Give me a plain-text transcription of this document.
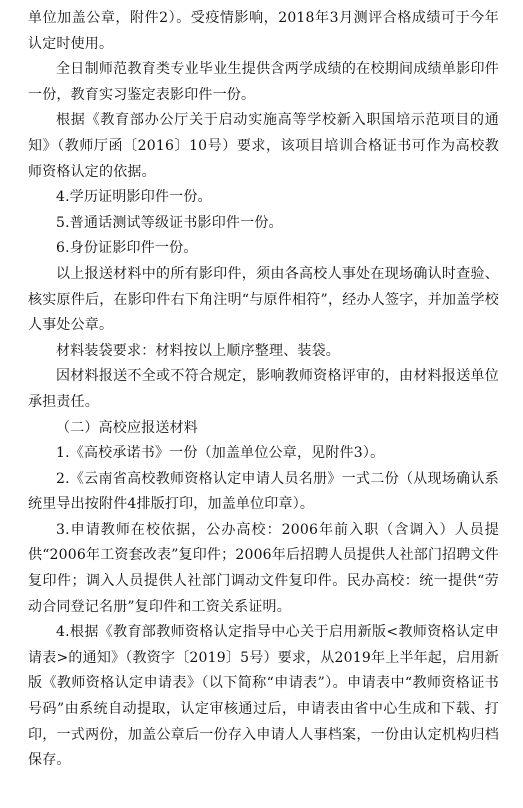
单位加盖公章，附件2）。受疫情影响，2018年3月测评合格成绩可于今年认定时使用。

全日制师范教育类专业毕业生提供含两学成绩的在校期间成绩单影印件一份，教育实习鉴定表影印件一份。

根据《教育部办公厅关于启动实施高等学校新入职国培示范项目的通知》（教师厅函〔2016〕10号）要求，该项目培训合格证书可作为高校教师资格认定的依据。

4.学历证明影印件一份。

5.普通话测试等级证书影印件一份。

6.身份证影印件一份。

以上报送材料中的所有影印件，须由各高校人事处在现场确认时查验、核实原件后，在影印件右下角注明“与原件相符”，经办人签字，并加盖学校人事处公章。

材料装袋要求：材料按以上顺序整理、装袋。

因材料报送不全或不符合规定，影响教师资格评审的，由材料报送单位承担责任。

（二）高校应报送材料

1.《高校承诺书》一份（加盖单位公章，见附件3）。

2.《云南省高校教师资格认定申请人员名册》一式二份（从现场确认系统里导出按附件4排版打印，加盖单位印章）。

3.申请教师在校依据，公办高校：2006年前入职（含调入）人员提供“2006年工资套改表”复印件；2006年后招聘人员提供人社部门招聘文件复印件；调入人员提供人社部门调动文件复印件。民办高校：统一提供“劳动合同登记名册”复印件和工资关系证明。

4.根据《教育部教师资格认定指导中心关于启用新版<教师资格认定申请表>的通知》（教资字〔2019〕5号）要求，从2019年上半年起，启用新版《教师资格认定申请表》（以下简称“申请表”）。申请表中“教师资格证书号码”由系统自动提取，认定审核通过后，申请表由省中心生成和下载、打印，一式两份，加盖公章后一份存入申请人人事档案，一份由认定机构归档保存。
